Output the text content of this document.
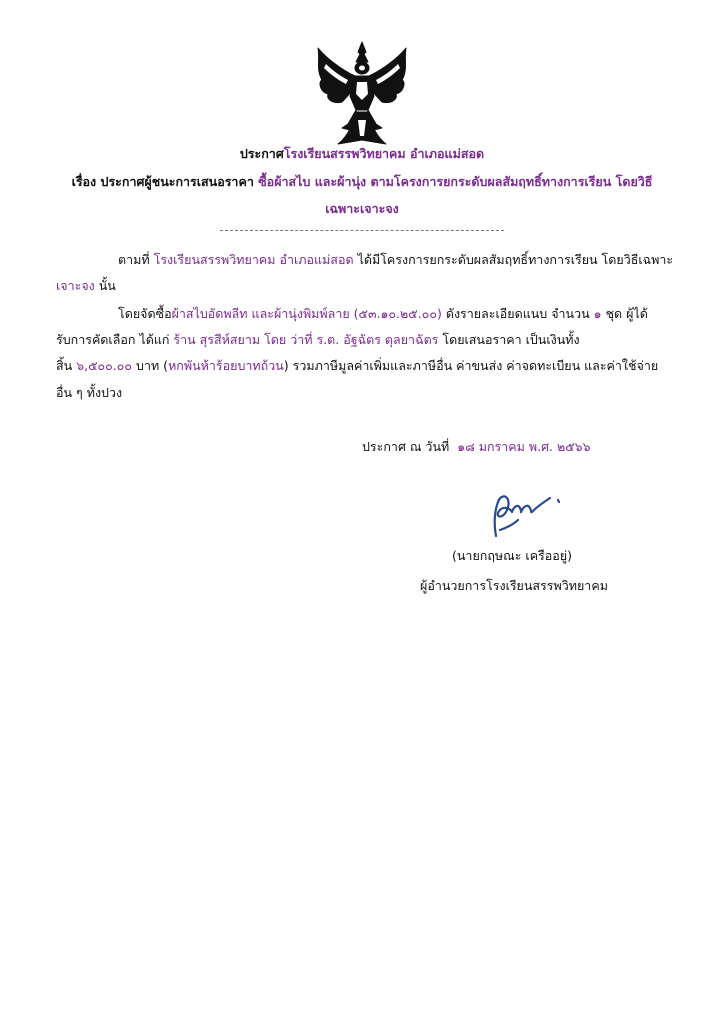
ประกาศโรงเรียนสรรพวิทยาคม อำเภอแม่สอด
เรื่อง ประกาศผู้ชนะการเสนอราคา ซื้อผ้าสไบ และผ้านุ่ง ตามโครงการยกระดับผลสัมฤทธิ์ทางการเรียน โดยวิธี
เฉพาะเจาะจง
ตามที่ โรงเรียนสรรพวิทยาคม อำเภอแม่สอด ได้มีโครงการยกระดับผลสัมฤทธิ์ทางการเรียน โดยวิธีเฉพาะ
เจาะจง นั้น
โดยจัดซื้อผ้าสไบอัดพลีท และผ้านุ่งพิมพ์ลาย (๕๓.๑๐.๒๕.๐๐) ดังรายละเอียดแนบ จำนวน ๑ ชุด ผู้ได้
รับการคัดเลือก ได้แก่ ร้าน สุรสีห์สยาม โดย ว่าที่ ร.ต. อัฐฉัตร ตุลยาฉัตร โดยเสนอราคา เป็นเงินทั้ง
สิ้น ๖,๕๐๐.๐๐ บาท (หกพันห้าร้อยบาทถ้วน) รวมภาษีมูลค่าเพิ่มและภาษีอื่น ค่าขนส่ง ค่าจดทะเบียน และค่าใช้จ่าย
อื่น ๆ ทั้งปวง
ประกาศ ณ วันที่ ๑๘ มกราคม พ.ศ. ๒๕๖๖
(นายกฤษณะ เครืออยู่)
ผู้อำนวยการโรงเรียนสรรพวิทยาคม
